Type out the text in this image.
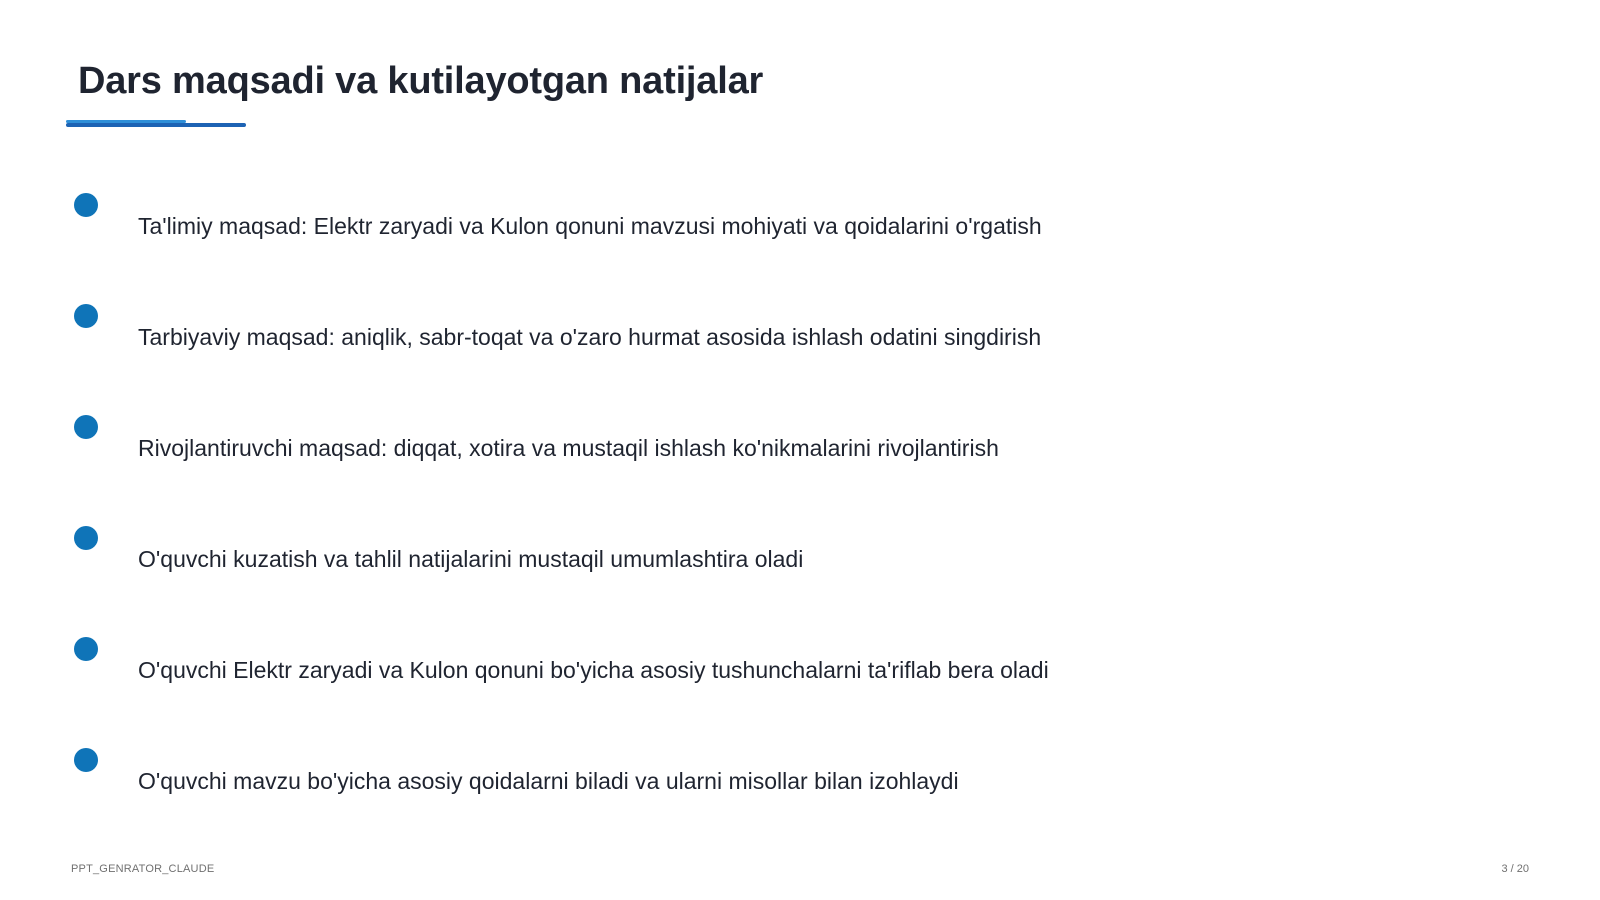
Dars maqsadi va kutilayotgan natijalar
Ta'limiy maqsad: Elektr zaryadi va Kulon qonuni mavzusi mohiyati va qoidalarini o'rgatish
Tarbiyaviy maqsad: aniqlik, sabr-toqat va o'zaro hurmat asosida ishlash odatini singdirish
Rivojlantiruvchi maqsad: diqqat, xotira va mustaqil ishlash ko'nikmalarini rivojlantirish
O'quvchi kuzatish va tahlil natijalarini mustaqil umumlashtira oladi
O'quvchi Elektr zaryadi va Kulon qonuni bo'yicha asosiy tushunchalarni ta'riflab bera oladi
O'quvchi mavzu bo'yicha asosiy qoidalarni biladi va ularni misollar bilan izohlaydi
PPT_GENRATOR_CLAUDE	3 / 20
